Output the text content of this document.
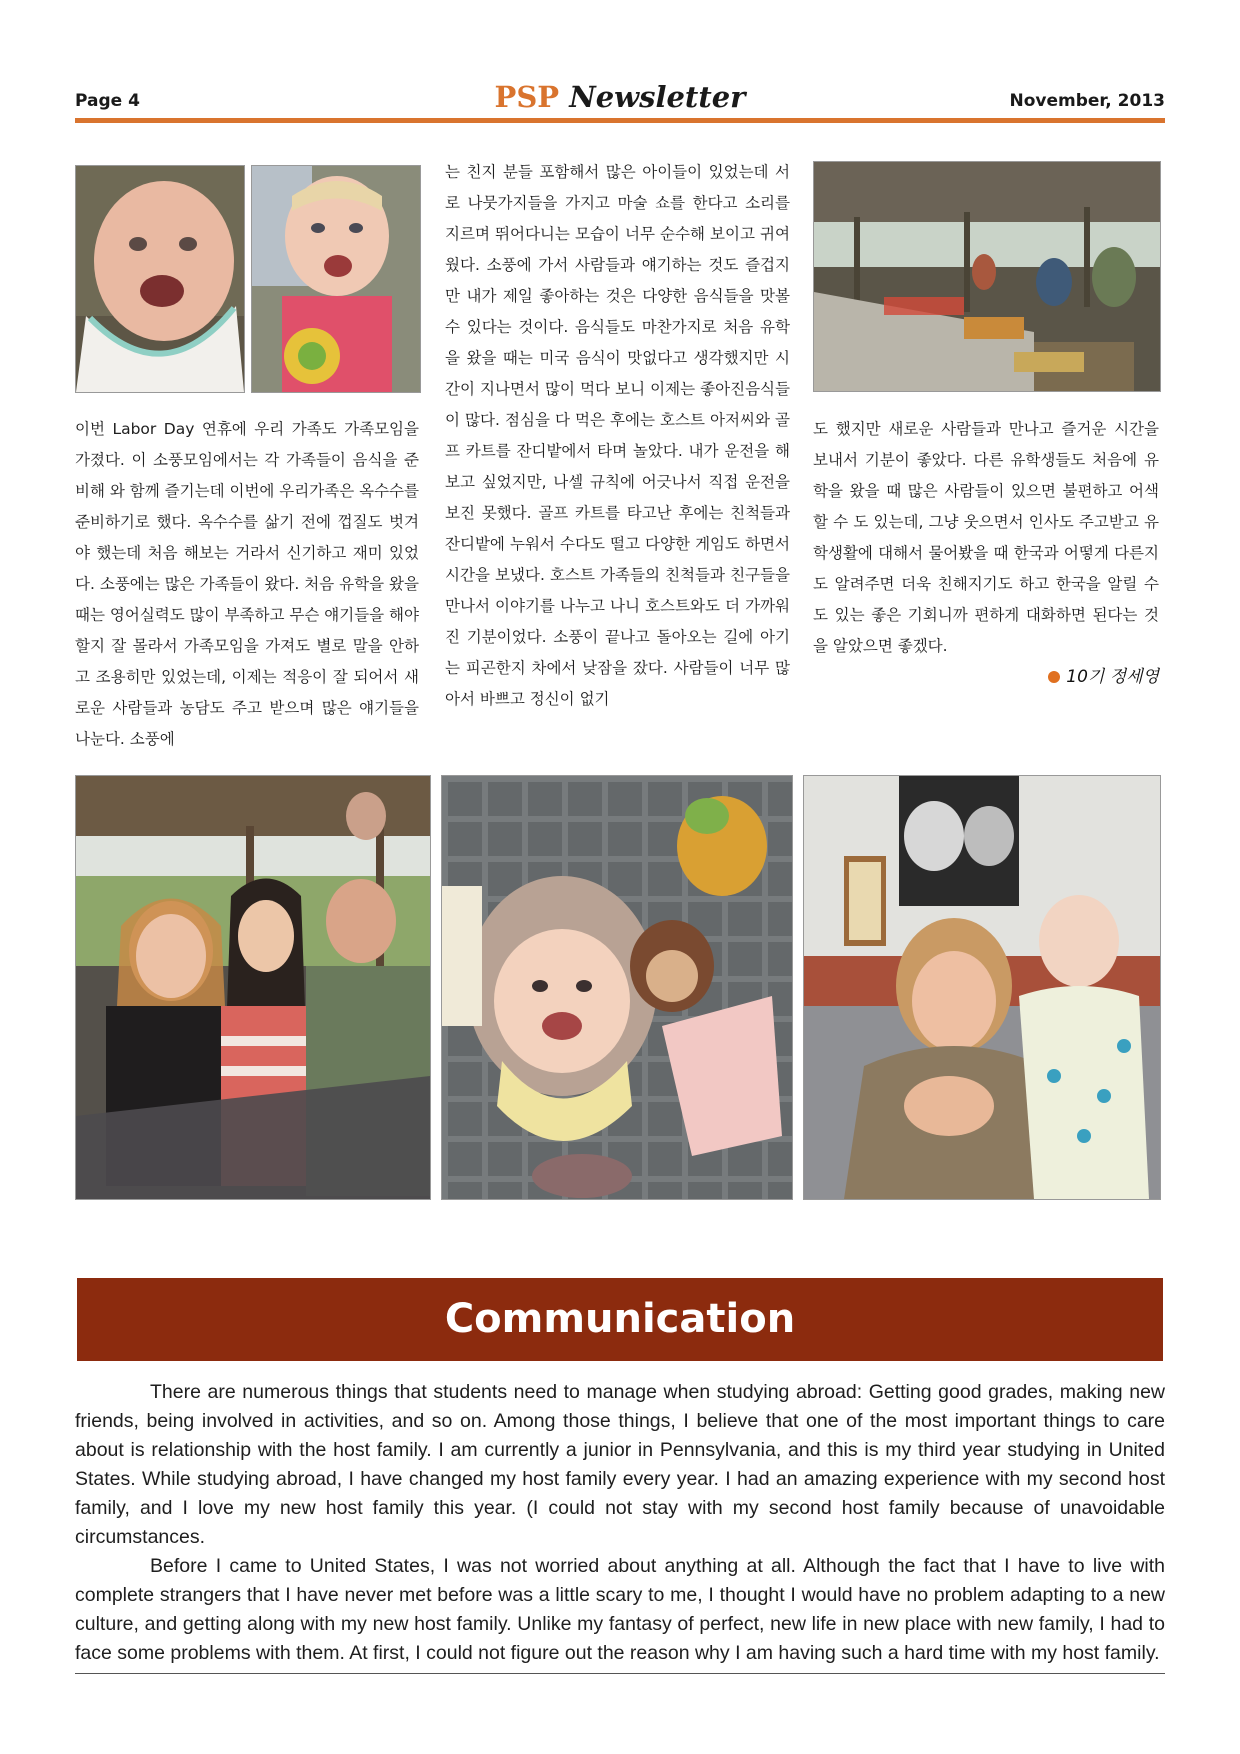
Page 4	PSP Newsletter	November, 2013

이번 Labor Day 연휴에 우리 가족도 가족모임을 가졌다. 이 소풍모임에서는 각 가족들이 음식을 준비해 와 함께 즐기는데 이번에 우리가족은 옥수수를 준비하기로 했다. 옥수수를 삶기 전에 껍질도 벗겨야 했는데 처음 해보는 거라서 신기하고 재미 있었다. 소풍에는 많은 가족들이 왔다. 처음 유학을 왔을 때는 영어실력도 많이 부족하고 무슨 얘기들을 해야 할지 잘 몰라서 가족모임을 가져도 별로 말을 안하고 조용히만 있었는데, 이제는 적응이 잘 되어서 새로운 사람들과 농담도 주고 받으며 많은 얘기들을 나눈다. 소풍에

는 친지 분들 포함해서 많은 아이들이 있었는데 서로 나뭇가지들을 가지고 마술 쇼를 한다고 소리를 지르며 뛰어다니는 모습이 너무 순수해 보이고 귀여웠다. 소풍에 가서 사람들과 얘기하는 것도 즐겁지만 내가 제일 좋아하는 것은 다양한 음식들을 맛볼 수 있다는 것이다. 음식들도 마찬가지로 처음 유학을 왔을 때는 미국 음식이 맛없다고 생각했지만 시간이 지나면서 많이 먹다 보니 이제는 좋아진음식들이 많다. 점심을 다 먹은 후에는 호스트 아저씨와 골프 카트를 잔디밭에서 타며 놀았다. 내가 운전을 해보고 싶었지만, 나셀 규칙에 어긋나서 직접 운전을 보진 못했다. 골프 카트를 타고난 후에는 친척들과 잔디밭에 누워서 수다도 떨고 다양한 게임도 하면서 시간을 보냈다. 호스트 가족들의 친척들과 친구들을 만나서 이야기를 나누고 나니 호스트와도 더 가까워진 기분이었다. 소풍이 끝나고 돌아오는 길에 아기는 피곤한지 차에서 낮잠을 잤다. 사람들이 너무 많아서 바쁘고 정신이 없기

도 했지만 새로운 사람들과 만나고 즐거운 시간을 보내서 기분이 좋았다. 다른 유학생들도 처음에 유학을 왔을 때 많은 사람들이 있으면 불편하고 어색할 수 도 있는데, 그냥 웃으면서 인사도 주고받고 유학생활에 대해서 물어봤을 때 한국과 어떻게 다른지도 알려주면 더욱 친해지기도 하고 한국을 알릴 수도 있는 좋은 기회니까 편하게 대화하면 된다는 것을 알았으면 좋겠다.

10기 정세영
Communication

There are numerous things that students need to manage when studying abroad: Getting good grades, making new friends, being involved in activities, and so on. Among those things, I believe that one of the most important things to care about is relationship with the host family. I am currently a junior in Pennsylvania, and this is my third year studying in United States. While studying abroad, I have changed my host family every year. I had an amazing experience with my second host family, and I love my new host family this year. (I could not stay with my second host family because of unavoidable circumstances.

Before I came to United States, I was not worried about anything at all. Although the fact that I have to live with complete strangers that I have never met before was a little scary to me, I thought I would have no problem adapting to a new culture, and getting along with my new host family. Unlike my fantasy of perfect, new life in new place with new family, I had to face some problems with them. At first, I could not figure out the reason why I am having such a hard time with my host family.
